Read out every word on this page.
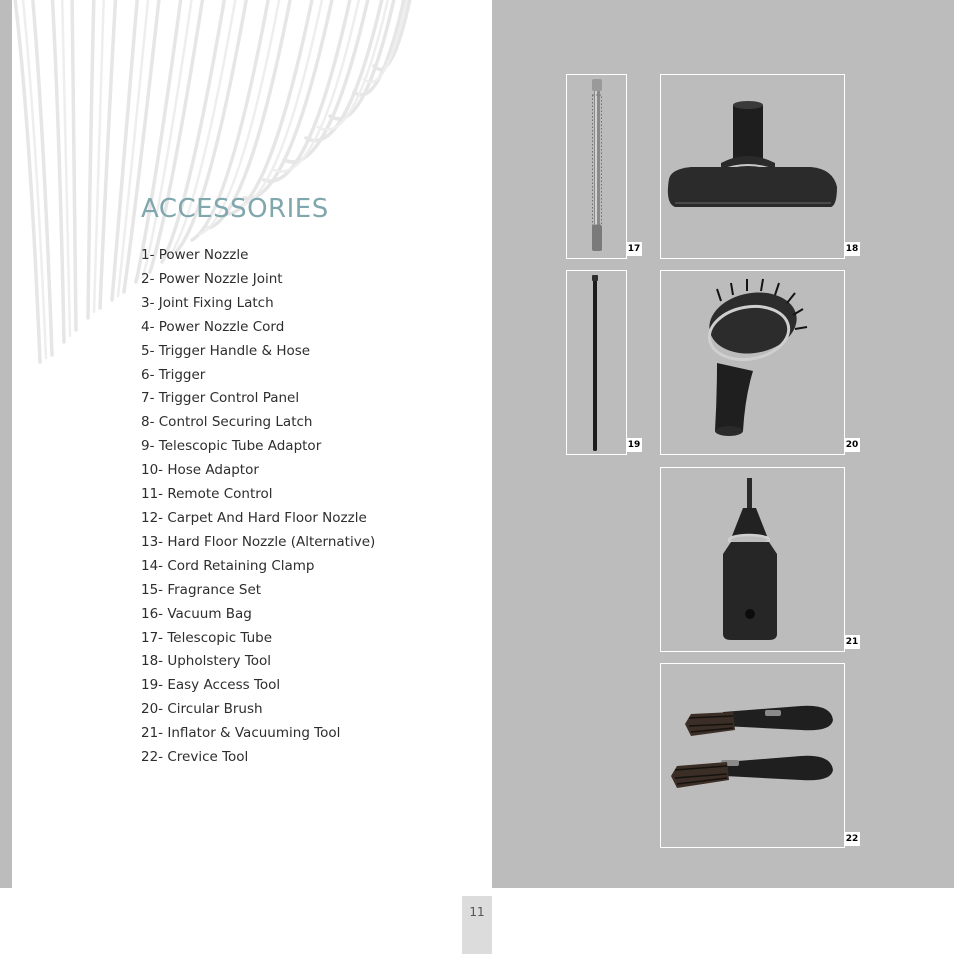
ACCESSORIES
1- Power Nozzle
2- Power Nozzle Joint
3- Joint Fixing Latch
4- Power Nozzle Cord
5- Trigger Handle & Hose
6- Trigger
7- Trigger Control Panel
8- Control Securing Latch
9- Telescopic Tube Adaptor
10- Hose Adaptor
11- Remote Control
12- Carpet And Hard Floor Nozzle
13- Hard Floor Nozzle (Alternative)
14- Cord Retaining Clamp
15- Fragrance Set
16- Vacuum Bag
17- Telescopic Tube
18- Upholstery Tool
19- Easy Access Tool
20- Circular Brush
21- Inflator & Vacuuming Tool
22- Crevice Tool
17	18
19	20
21
22
11
